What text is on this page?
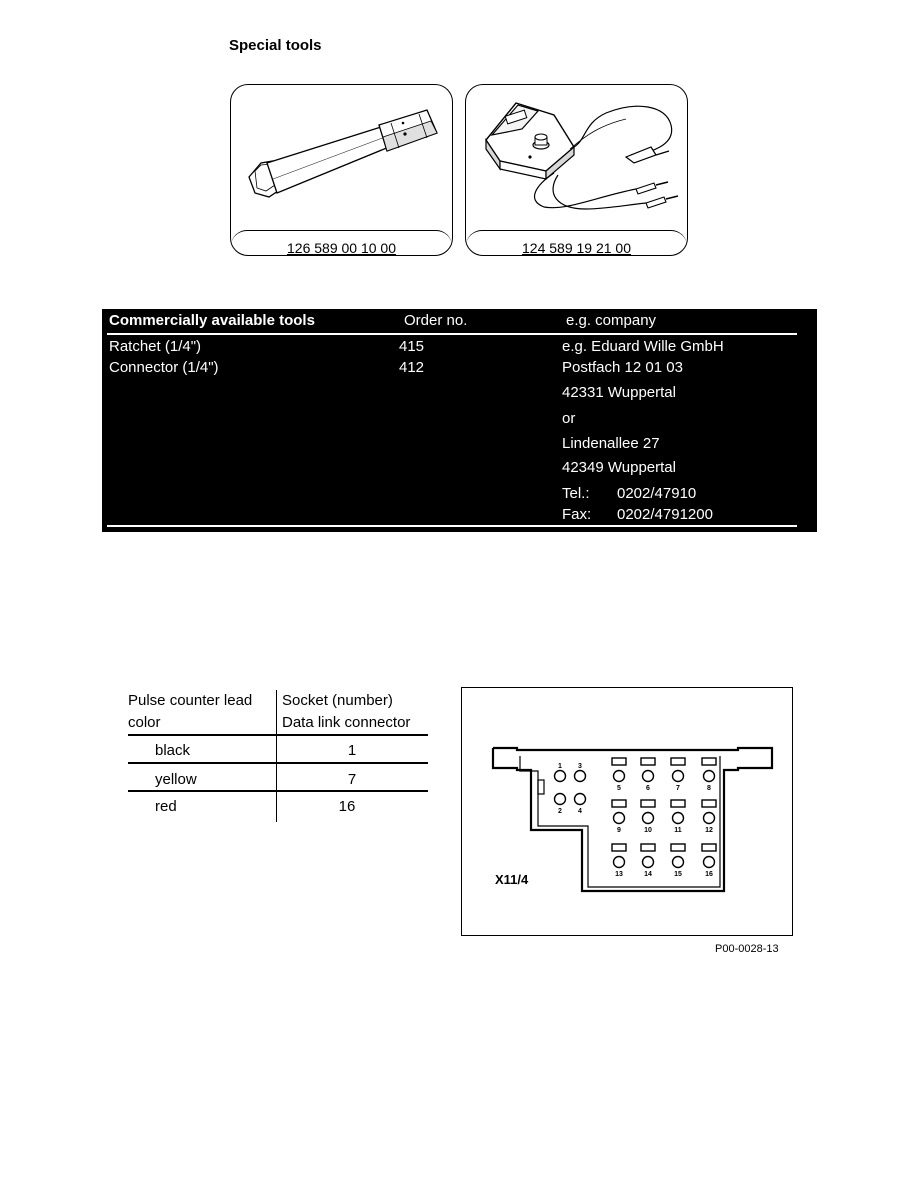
Special tools
126 589 00 10 00	124 589 19 21 00
Commercially available tools	Order no.	e.g. company
Ratchet (1/4")	415
Connector (1/4")	412
e.g. Eduard Wille GmbH
Postfach 12 01 03
42331 Wuppertal
or
Lindenallee 27
42349 Wuppertal
Tel.: 0202/47910
Fax: 0202/4791200
Pulse counter lead
color
Socket (number)
Data link connector
black	1
yellow	7
red	16
1
2
3
4
5	6	7	8
9	10	11	12
13	14	15	16
X11/4
P00-0028-13
